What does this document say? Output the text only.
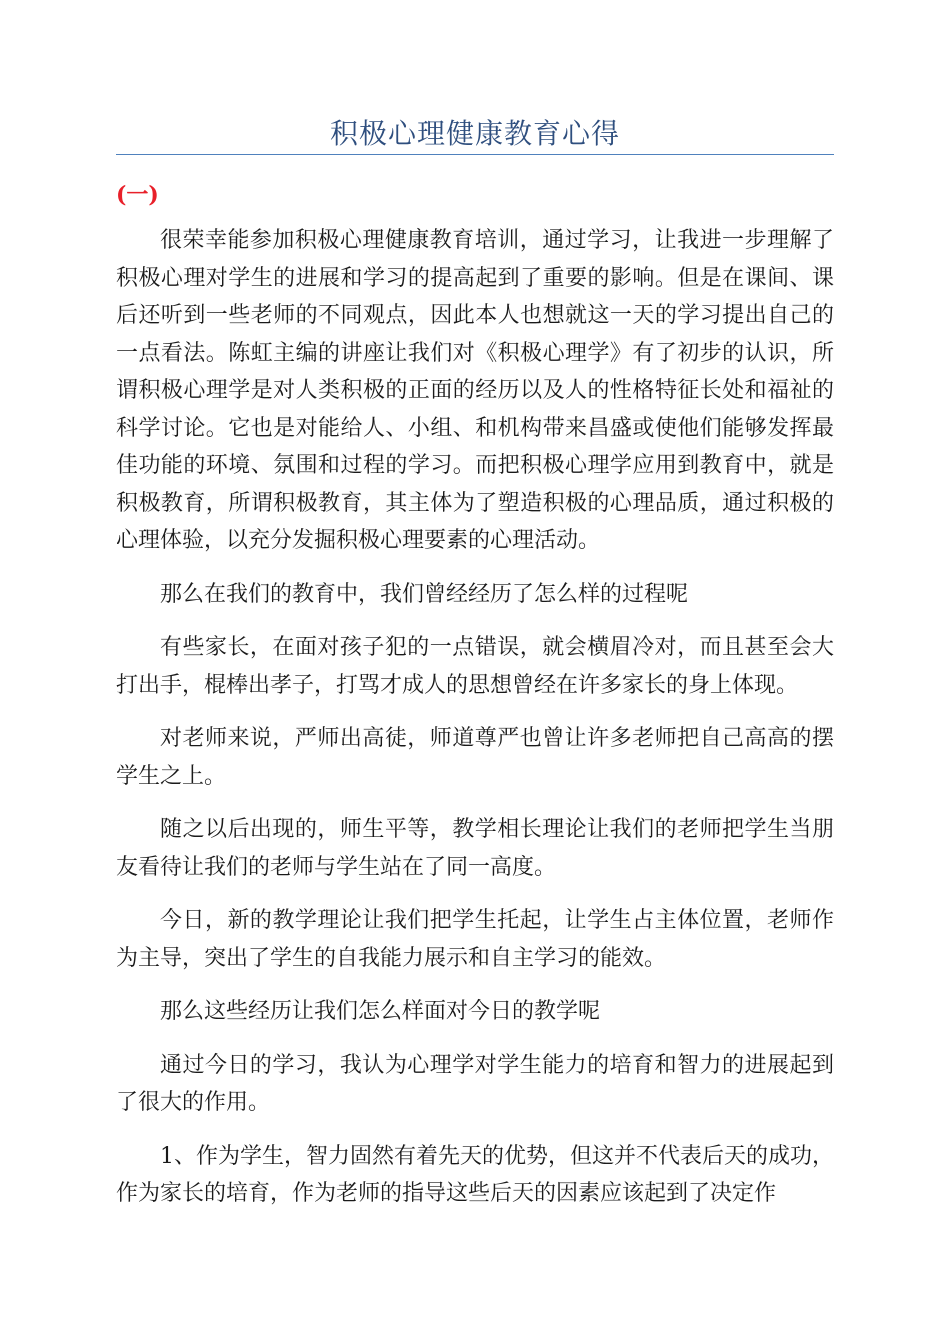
积极心理健康教育心得
(一)

很荣幸能参加积极心理健康教育培训，通过学习，让我进一步理解了积极心理对学生的进展和学习的提高起到了重要的影响。但是在课间、课后还听到一些老师的不同观点，因此本人也想就这一天的学习提出自己的一点看法。陈虹主编的讲座让我们对《积极心理学》有了初步的认识，所谓积极心理学是对人类积极的正面的经历以及人的性格特征长处和福祉的科学讨论。它也是对能给人、小组、和机构带来昌盛或使他们能够发挥最佳功能的环境、氛围和过程的学习。而把积极心理学应用到教育中，就是积极教育，所谓积极教育，其主体为了塑造积极的心理品质，通过积极的心理体验，以充分发掘积极心理要素的心理活动。

那么在我们的教育中，我们曾经经历了怎么样的过程呢

有些家长，在面对孩子犯的一点错误，就会横眉冷对，而且甚至会大打出手，棍棒出孝子，打骂才成人的思想曾经在许多家长的身上体现。

对老师来说，严师出高徒，师道尊严也曾让许多老师把自己高高的摆学生之上。

随之以后出现的，师生平等，教学相长理论让我们的老师把学生当朋友看待让我们的老师与学生站在了同一高度。

今日，新的教学理论让我们把学生托起，让学生占主体位置，老师作为主导，突出了学生的自我能力展示和自主学习的能效。

那么这些经历让我们怎么样面对今日的教学呢

通过今日的学习，我认为心理学对学生能力的培育和智力的进展起到了很大的作用。

1、作为学生，智力固然有着先天的优势，但这并不代表后天的成功，作为家长的培育，作为老师的指导这些后天的因素应该起到了决定作
